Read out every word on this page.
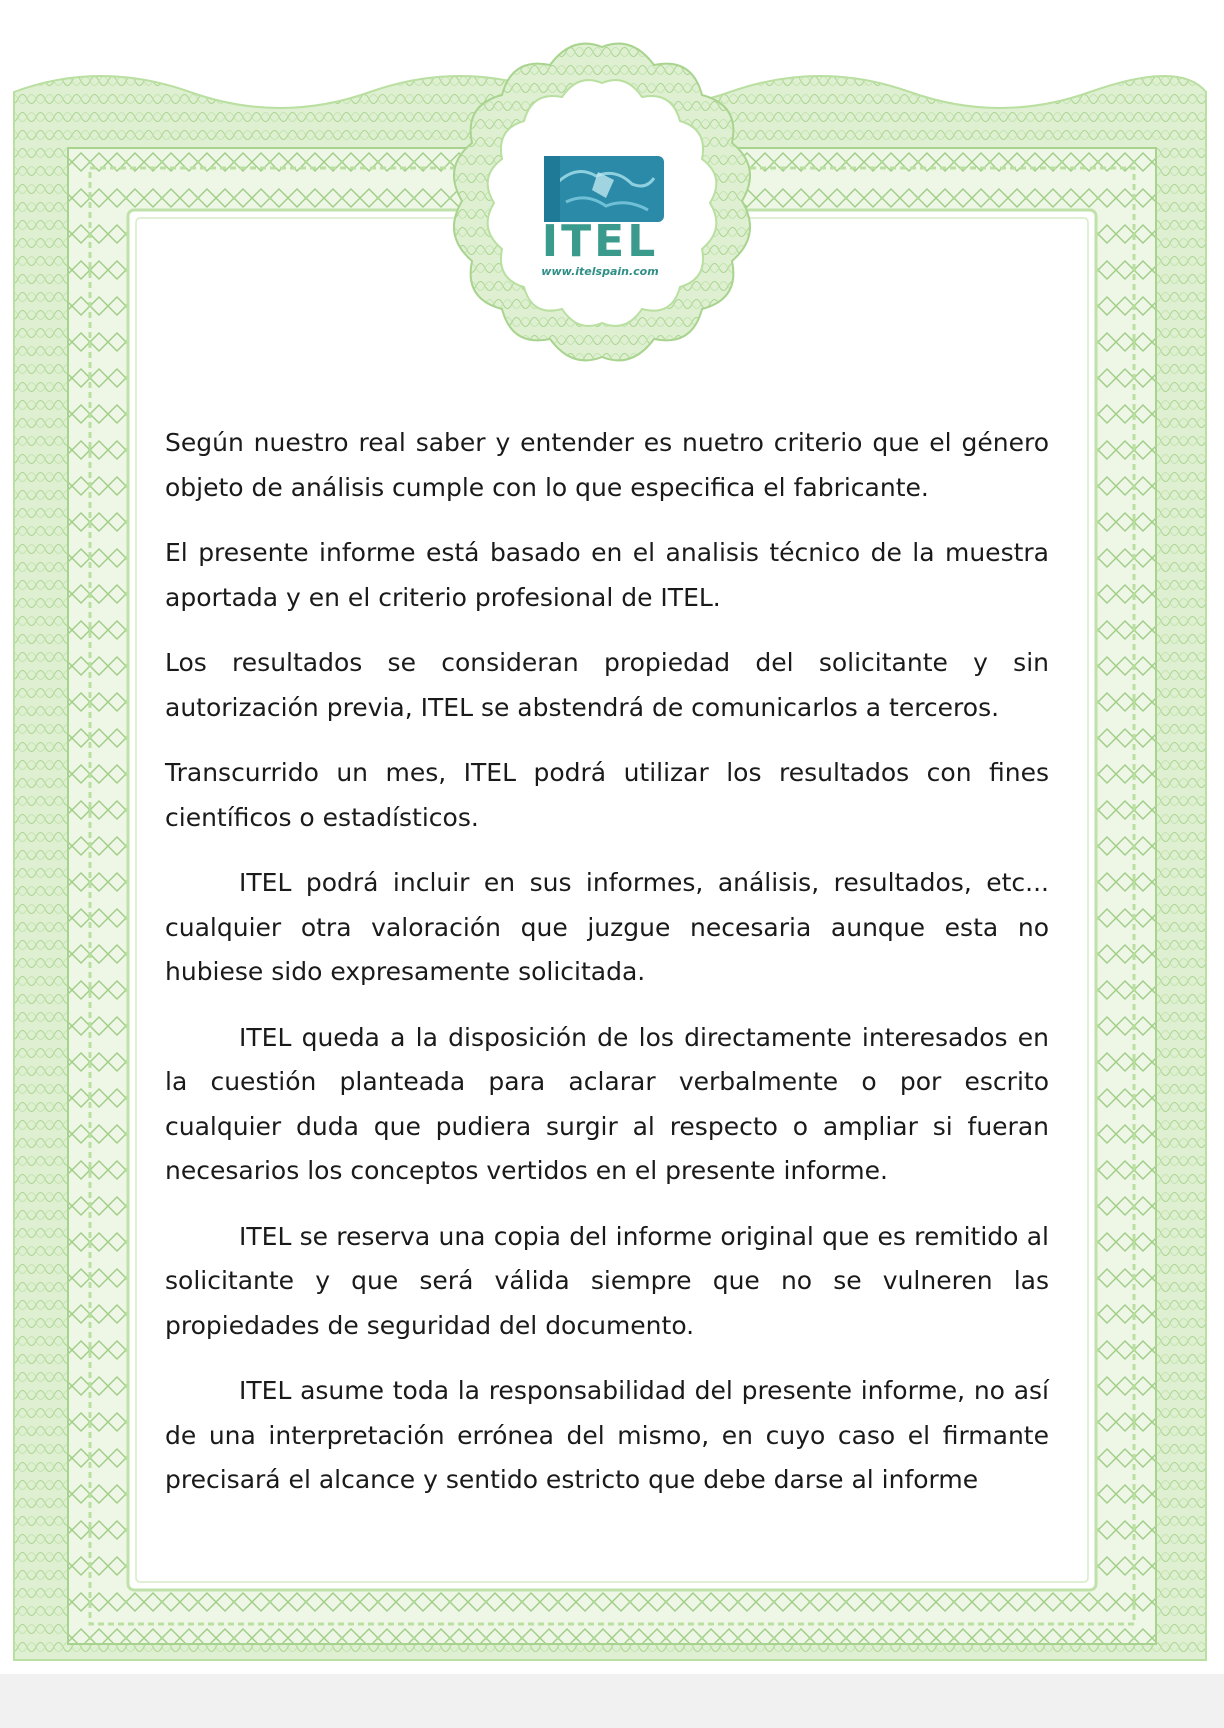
ITEL
www.itelspain.com

Según nuestro real saber y entender es nuetro criterio que el género objeto de análisis cumple con lo que especifica el fabricante.

El presente informe está basado en el analisis técnico de la muestra aportada y en el criterio profesional de ITEL.

Los resultados se consideran propiedad del solicitante y sin autorización previa, ITEL se abstendrá de comunicarlos a terceros.

Transcurrido un mes, ITEL podrá utilizar los resultados con fines científicos o estadísticos.

ITEL podrá incluir en sus informes, análisis, resultados, etc... cualquier otra valoración que juzgue necesaria aunque esta no hubiese sido expresamente solicitada.

ITEL queda a la disposición de los directamente interesados en la cuestión planteada para aclarar verbalmente o por escrito cualquier duda que pudiera surgir al respecto o ampliar si fueran necesarios los conceptos vertidos en el presente informe.

ITEL se reserva una copia del informe original que es remitido al solicitante y que será válida siempre que no se vulneren las propiedades de seguridad del documento.

ITEL asume toda la responsabilidad del presente informe, no así de una interpretación errónea del mismo, en cuyo caso el firmante precisará el alcance y sentido estricto que debe darse al informe
